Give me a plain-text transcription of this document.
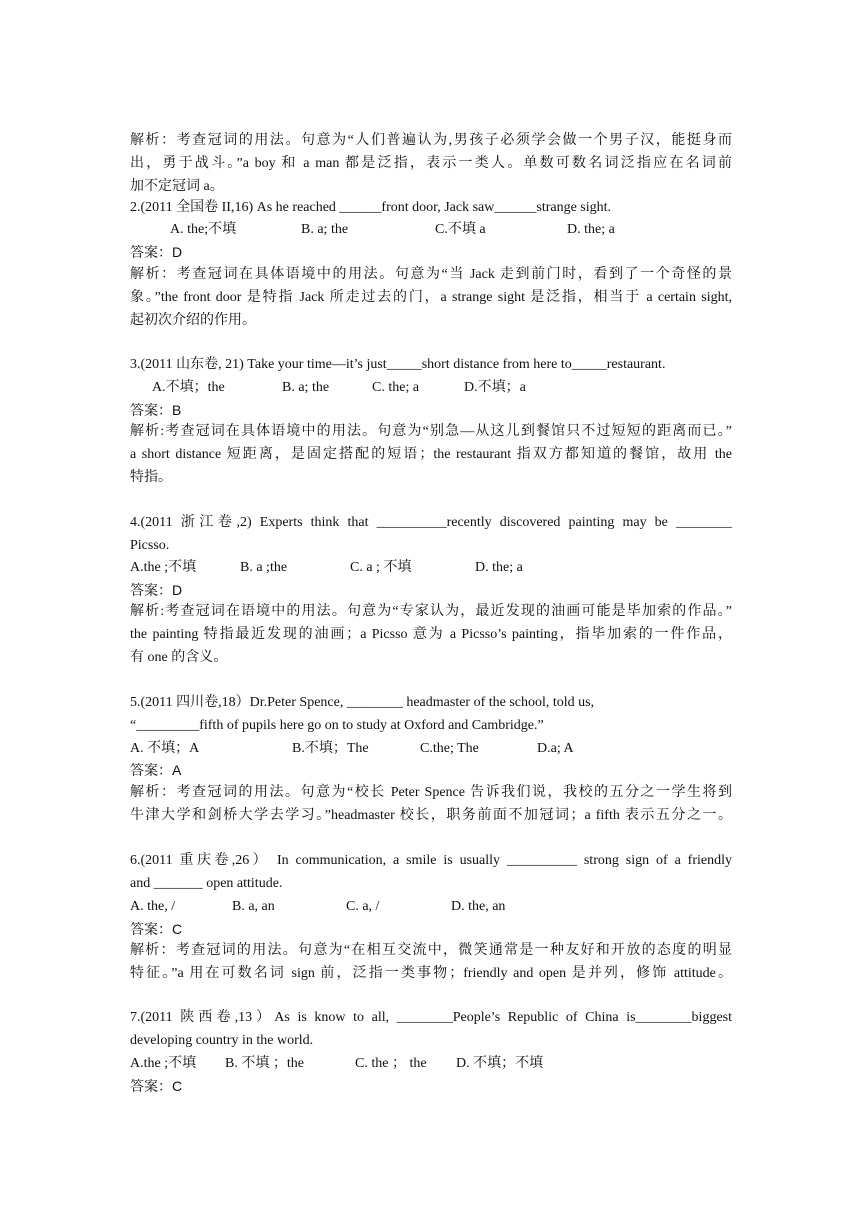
解析：考查冠词的用法。句意为“人们普遍认为,男孩子必须学会做一个男子汉，能挺身而
出，勇于战斗。”a boy 和 a man 都是泛指，表示一类人。单数可数名词泛指应在名词前
加不定冠词 a。
2.(2011 全国卷 II,16) As he reached ______front door, Jack saw______strange sight.
A. the;不填	B. a; the	C.不填 a	D. the; a
答案：D
解析：考查冠词在具体语境中的用法。句意为“当 Jack 走到前门时，看到了一个奇怪的景
象。”the front door 是特指 Jack 所走过去的门，a strange sight 是泛指，相当于 a certain sight,
起初次介绍的作用。
3.(2011 山东卷, 21) Take your time—it’s just_____short distance from here to_____restaurant.
A.不填；the	B. a; the	C. the; a	D.不填；a
答案：B
解析:考查冠词在具体语境中的用法。句意为“别急—从这儿到餐馆只不过短短的距离而已。”
a short distance 短距离，是固定搭配的短语；the restaurant 指双方都知道的餐馆，故用 the
特指。
4.(2011 浙江卷,2) Experts think that __________recently discovered painting may be ________
Picsso.
A.the ;不填	B. a ;the	C. a ; 不填	D. the; a
答案：D
解析:考查冠词在语境中的用法。句意为“专家认为，最近发现的油画可能是毕加索的作品。”
the painting 特指最近发现的油画；a Picsso 意为 a Picsso’s painting，指毕加索的一件作品，
有 one 的含义。
5.(2011 四川卷,18）Dr.Peter Spence, ________ headmaster of the school, told us,
“_________fifth of pupils here go on to study at Oxford and Cambridge.”
A. 不填；A	B.不填；The	C.the; The	D.a; A
答案：A
解析：考查冠词的用法。句意为“校长 Peter Spence 告诉我们说，我校的五分之一学生将到
牛津大学和剑桥大学去学习。”headmaster 校长，职务前面不加冠词；a fifth 表示五分之一。
6.(2011 重庆卷,26） In communication, a smile is usually __________ strong sign of a friendly
and _______ open attitude.
A. the, /	B. a, an	C. a, /	D. the, an
答案：C
解析：考查冠词的用法。句意为“在相互交流中，微笑通常是一种友好和开放的态度的明显
特征。”a 用在可数名词 sign 前，泛指一类事物；friendly and open 是并列，修饰 attitude。
7.(2011 陕西卷,13）As is know to all, ________People’s Republic of China is________biggest
developing country in the world.
A.the ;不填 B. 不填 ；the	C. the ； the D. 不填；不填
答案：C
